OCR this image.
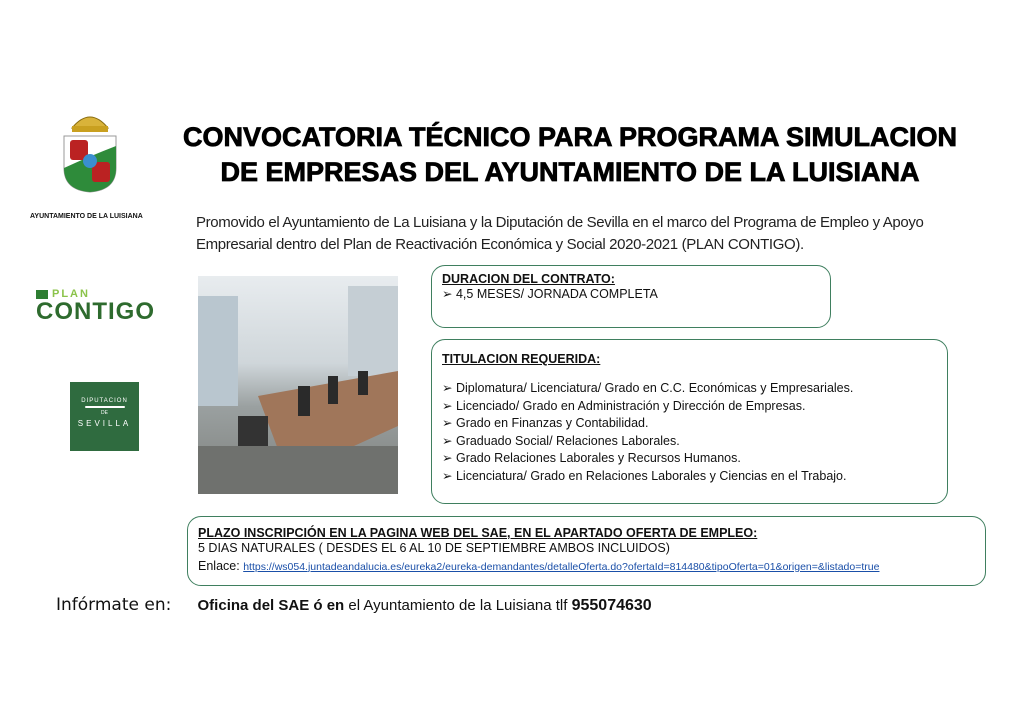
AYUNTAMIENTO DE LA LUISIANA
PLAN
CONTIGO
DIPUTACION
DE
SEVILLA
CONVOCATORIA TÉCNICO PARA PROGRAMA SIMULACION
DE EMPRESAS DEL AYUNTAMIENTO DE LA LUISIANA
Promovido el Ayuntamiento de La Luisiana y la Diputación de Sevilla en el marco del Programa de Empleo y Apoyo
Empresarial dentro del Plan de Reactivación Económica y Social 2020-2021 (PLAN CONTIGO).
DURACION DEL CONTRATO:
➢ 4,5 MESES/ JORNADA COMPLETA
TITULACION REQUERIDA:
➢ Diplomatura/ Licenciatura/ Grado en C.C. Económicas y Empresariales.
➢ Licenciado/ Grado en Administración y Dirección de Empresas.
➢ Grado en Finanzas y Contabilidad.
➢ Graduado Social/ Relaciones Laborales.
➢ Grado Relaciones Laborales y Recursos Humanos.
➢ Licenciatura/ Grado en Relaciones Laborales y Ciencias en el Trabajo.
PLAZO INSCRIPCIÓN EN LA PAGINA WEB DEL SAE, EN EL APARTADO OFERTA DE EMPLEO:
5 DIAS NATURALES ( DESDES EL 6 AL 10 DE SEPTIEMBRE AMBOS INCLUIDOS)
Enlace: https://ws054.juntadeandalucia.es/eureka2/eureka-demandantes/detalleOferta.do?ofertaId=814480&tipoOferta=01&origen=&listado=true
Infórmate en: Oficina del SAE ó en el Ayuntamiento de la Luisiana tlf 955074630
